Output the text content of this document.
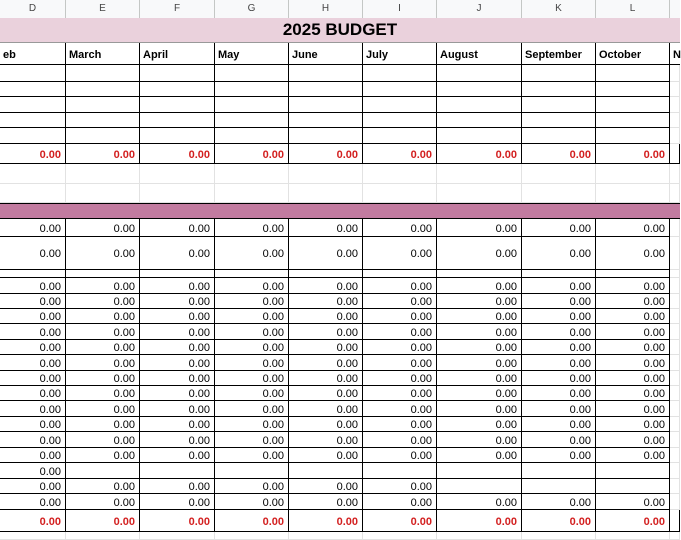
D	E	F	G	H	I	J	K	L
2025 BUDGET
eb	March	April	May	June	July	August	September	October	N
0.00	0.00	0.00	0.00	0.00	0.00	0.00	0.00	0.00
0.00	0.00	0.00	0.00	0.00	0.00	0.00	0.00	0.00
0.00	0.00	0.00	0.00	0.00	0.00	0.00	0.00	0.00
0.00	0.00	0.00	0.00	0.00	0.00	0.00	0.00	0.00
0.00	0.00	0.00	0.00	0.00	0.00	0.00	0.00	0.00
0.00	0.00	0.00	0.00	0.00	0.00	0.00	0.00	0.00
0.00	0.00	0.00	0.00	0.00	0.00	0.00	0.00	0.00
0.00	0.00	0.00	0.00	0.00	0.00	0.00	0.00	0.00
0.00	0.00	0.00	0.00	0.00	0.00	0.00	0.00	0.00
0.00	0.00	0.00	0.00	0.00	0.00	0.00	0.00	0.00
0.00	0.00	0.00	0.00	0.00	0.00	0.00	0.00	0.00
0.00	0.00	0.00	0.00	0.00	0.00	0.00	0.00	0.00
0.00	0.00	0.00	0.00	0.00	0.00	0.00	0.00	0.00
0.00	0.00	0.00	0.00	0.00	0.00	0.00	0.00	0.00
0.00	0.00	0.00	0.00	0.00	0.00	0.00	0.00	0.00
0.00
0.00	0.00	0.00	0.00	0.00	0.00
0.00	0.00	0.00	0.00	0.00	0.00	0.00	0.00	0.00
0.00	0.00	0.00	0.00	0.00	0.00	0.00	0.00	0.00
